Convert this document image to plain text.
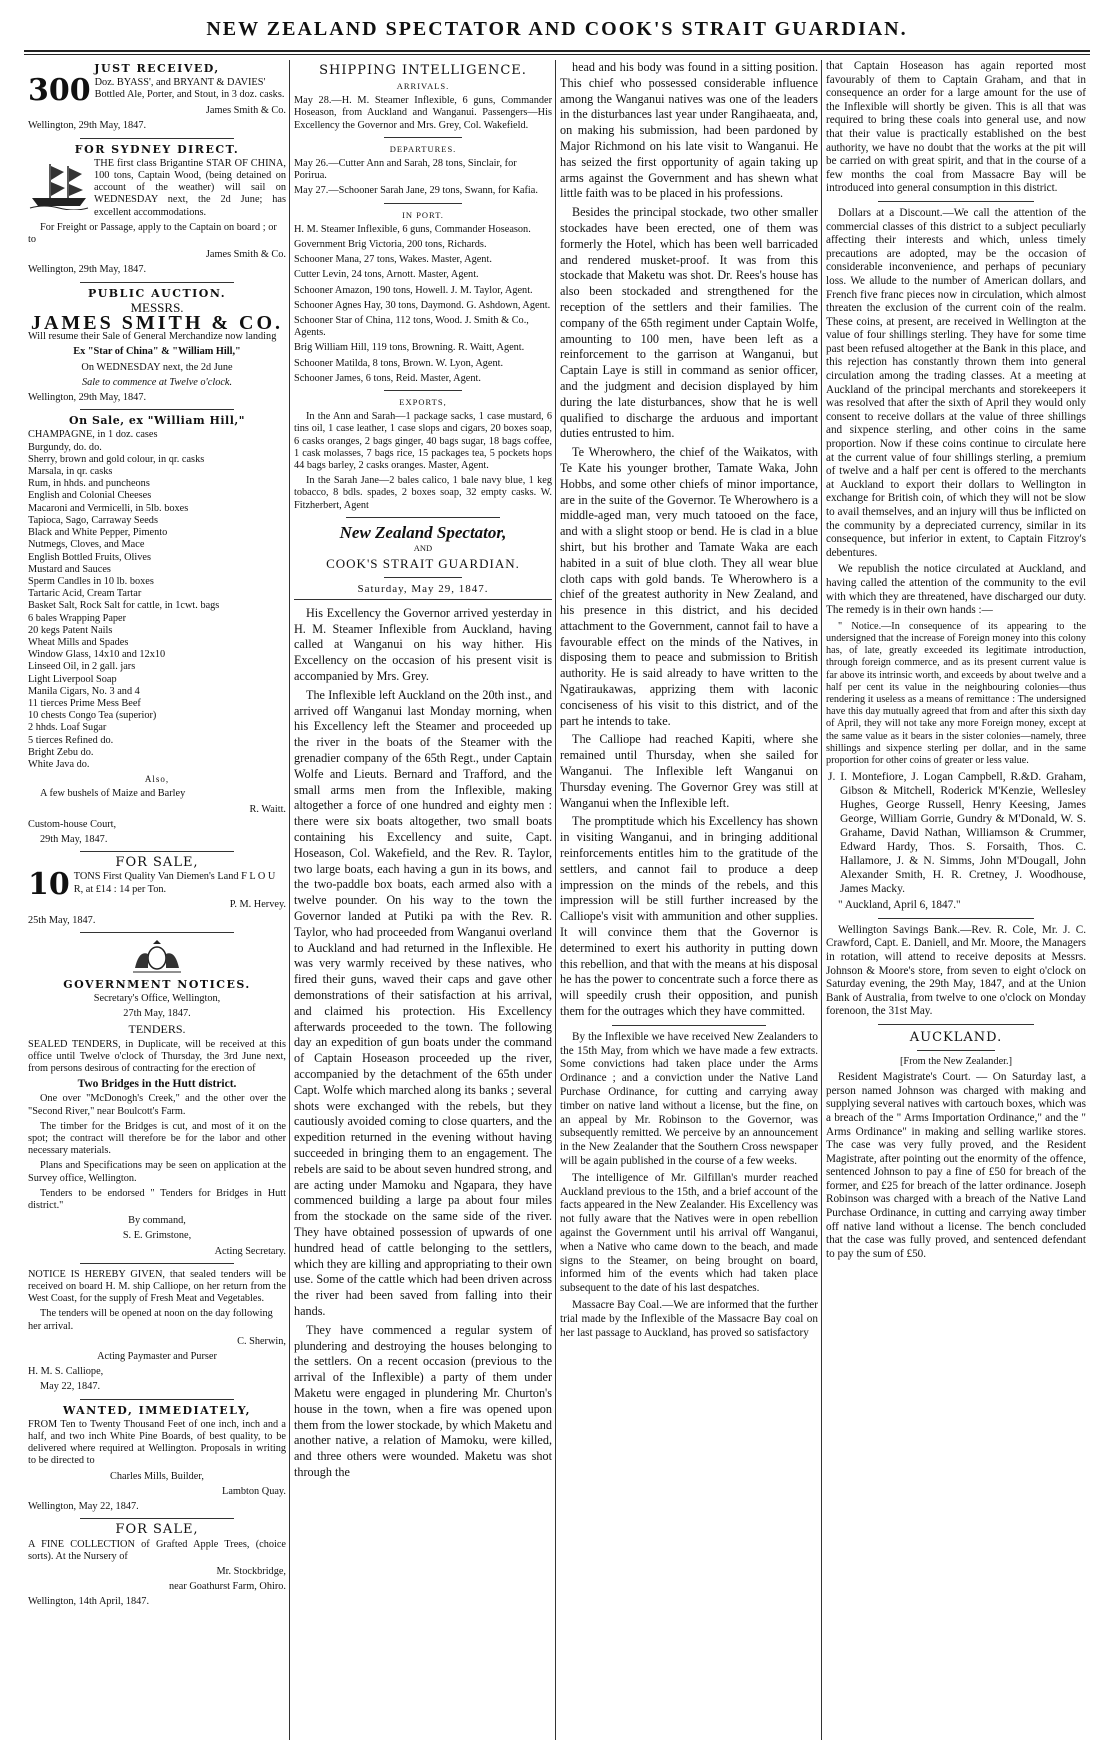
NEW ZEALAND SPECTATOR AND COOK'S STRAIT GUARDIAN.
JUST RECEIVED,

300 Doz. BYASS', and BRYANT & DAVIES' Bottled Ale, Porter, and Stout, in 3 doz. casks.

James Smith & Co.

Wellington, 29th May, 1847.

FOR SYDNEY DIRECT.

THE first class Brigantine STAR OF CHINA, 100 tons, Captain Wood, (being detained on account of the weather) will sail on WEDNESDAY next, the 2d June; has excellent accommodations.

For Freight or Passage, apply to the Captain on board ; or to

James Smith & Co.

Wellington, 29th May, 1847.

PUBLIC AUCTION.

MESSRS.

JAMES SMITH & CO.

Will resume their Sale of General Merchandize now landing

Ex "Star of China" & "William Hill,"

On WEDNESDAY next, the 2d June

Sale to commence at Twelve o'clock.

Wellington, 29th May, 1847.

On Sale, ex "William Hill,"
CHAMPAGNE, in 1 doz. cases
Burgundy, do. do.
Sherry, brown and gold colour, in qr. casks
Marsala, in qr. casks
Rum, in hhds. and puncheons
English and Colonial Cheeses
Macaroni and Vermicelli, in 5lb. boxes
Tapioca, Sago, Carraway Seeds
Black and White Pepper, Pimento
Nutmegs, Cloves, and Mace
English Bottled Fruits, Olives
Mustard and Sauces
Sperm Candles in 10 lb. boxes
Tartaric Acid, Cream Tartar
Basket Salt, Rock Salt for cattle, in 1cwt. bags
6 bales Wrapping Paper
20 kegs Patent Nails
Wheat Mills and Spades
Window Glass, 14x10 and 12x10
Linseed Oil, in 2 gall. jars
Light Liverpool Soap
Manila Cigars, No. 3 and 4
11 tierces Prime Mess Beef
10 chests Congo Tea (superior)
2 hhds. Loaf Sugar
5 tierces Refined do.
Bright Zebu do.
White Java do.

Also,

A few bushels of Maize and Barley

R. Waitt.

Custom-house Court,

29th May, 1847.

FOR SALE,

10 TONS First Quality Van Diemen's Land F L O U R, at £14 : 14 per Ton.

P. M. Hervey.

25th May, 1847.

GOVERNMENT NOTICES.

Secretary's Office, Wellington,

27th May, 1847.

TENDERS.

SEALED TENDERS, in Duplicate, will be received at this office until Twelve o'clock of Thursday, the 3rd June next, from persons desirous of contracting for the erection of

Two Bridges in the Hutt district.

One over "McDonogh's Creek," and the other over the "Second River," near Boulcott's Farm.

The timber for the Bridges is cut, and most of it on the spot; the contract will therefore be for the labor and other necessary materials.

Plans and Specifications may be seen on application at the Survey office, Wellington.

Tenders to be endorsed " Tenders for Bridges in Hutt district."

By command,

S. E. Grimstone,

Acting Secretary.

NOTICE IS HEREBY GIVEN, that sealed tenders will be received on board H. M. ship Calliope, on her return from the West Coast, for the supply of Fresh Meat and Vegetables.

The tenders will be opened at noon on the day following her arrival.

C. Sherwin,

Acting Paymaster and Purser

H. M. S. Calliope,

May 22, 1847.

WANTED, IMMEDIATELY,

FROM Ten to Twenty Thousand Feet of one inch, inch and a half, and two inch White Pine Boards, of best quality, to be delivered where required at Wellington. Proposals in writing to be directed to

Charles Mills, Builder,

Lambton Quay.

Wellington, May 22, 1847.

FOR SALE,

A FINE COLLECTION of Grafted Apple Trees, (choice sorts). At the Nursery of

Mr. Stockbridge,

near Goathurst Farm, Ohiro.

Wellington, 14th April, 1847.

SHIPPING INTELLIGENCE.

ARRIVALS.

May 28.—H. M. Steamer Inflexible, 6 guns, Commander Hoseason, from Auckland and Wanganui. Passengers—His Excellency the Governor and Mrs. Grey, Col. Wakefield.

DEPARTURES.

May 26.—Cutter Ann and Sarah, 28 tons, Sinclair, for Porirua.

May 27.—Schooner Sarah Jane, 29 tons, Swann, for Kafia.

IN PORT.

H. M. Steamer Inflexible, 6 guns, Commander Hoseason.

Government Brig Victoria, 200 tons, Richards.

Schooner Mana, 27 tons, Wakes. Master, Agent.

Cutter Levin, 24 tons, Arnott. Master, Agent.

Schooner Amazon, 190 tons, Howell. J. M. Taylor, Agent.

Schooner Agnes Hay, 30 tons, Daymond. G. Ashdown, Agent.

Schooner Star of China, 112 tons, Wood. J. Smith & Co., Agents.

Brig William Hill, 119 tons, Browning. R. Waitt, Agent.

Schooner Matilda, 8 tons, Brown. W. Lyon, Agent.

Schooner James, 6 tons, Reid. Master, Agent.

EXPORTS,

In the Ann and Sarah—1 package sacks, 1 case mustard, 6 tins oil, 1 case leather, 1 case slops and cigars, 20 boxes soap, 6 casks oranges, 2 bags ginger, 40 bags sugar, 18 bags coffee, 1 cask molasses, 7 bags rice, 15 packages tea, 5 pockets hops 44 bags barley, 2 casks oranges. Master, Agent.

In the Sarah Jane—2 bales calico, 1 bale navy blue, 1 keg tobacco, 8 bdls. spades, 2 boxes soap, 32 empty casks. W. Fitzherbert, Agent

New Zealand Spectator,

AND

COOK'S STRAIT GUARDIAN.
Saturday, May 29, 1847.

His Excellency the Governor arrived yesterday in H. M. Steamer Inflexible from Auckland, having called at Wanganui on his way hither. His Excellency on the occasion of his present visit is accompanied by Mrs. Grey.

The Inflexible left Auckland on the 20th inst., and arrived off Wanganui last Monday morning, when his Excellency left the Steamer and proceeded up the river in the boats of the Steamer with the grenadier company of the 65th Regt., under Captain Wolfe and Lieuts. Bernard and Trafford, and the small arms men from the Inflexible, making altogether a force of one hundred and eighty men : there were six boats altogether, two small boats containing his Excellency and suite, Capt. Hoseason, Col. Wakefield, and the Rev. R. Taylor, two large boats, each having a gun in its bows, and the two-paddle box boats, each armed also with a twelve pounder. On his way to the town the Governor landed at Putiki pa with the Rev. R. Taylor, who had proceeded from Wanganui overland to Auckland and had returned in the Inflexible. He was very warmly received by these natives, who fired their guns, waved their caps and gave other demonstrations of their satisfaction at his arrival, and claimed his protection. His Excellency afterwards proceeded to the town. The following day an expedition of gun boats under the command of Captain Hoseason proceeded up the river, accompanied by the detachment of the 65th under Capt. Wolfe which marched along its banks ; several shots were exchanged with the rebels, but they cautiously avoided coming to close quarters, and the expedition returned in the evening without having succeeded in bringing them to an engagement. The rebels are said to be about seven hundred strong, and are acting under Mamoku and Ngapara, they have commenced building a large pa about four miles from the stockade on the same side of the river. They have obtained possession of upwards of one hundred head of cattle belonging to the settlers, which they are killing and appropriating to their own use. Some of the cattle which had been driven across the river had been saved from falling into their hands.

They have commenced a regular system of plundering and destroying the houses belonging to the settlers. On a recent occasion (previous to the arrival of the Inflexible) a party of them under Maketu were engaged in plundering Mr. Churton's house in the town, when a fire was opened upon them from the lower stockade, by which Maketu and another native, a relation of Mamoku, were killed, and three others were wounded. Maketu was shot through the

head and his body was found in a sitting position. This chief who possessed considerable influence among the Wanganui natives was one of the leaders in the disturbances last year under Rangihaeata, and, on making his submission, had been pardoned by Major Richmond on his late visit to Wanganui. He has seized the first opportunity of again taking up arms against the Government and has shewn what little faith was to be placed in his professions.

Besides the principal stockade, two other smaller stockades have been erected, one of them was formerly the Hotel, which has been well barricaded and rendered musket-proof. It was from this stockade that Maketu was shot. Dr. Rees's house has also been stockaded and strengthened for the reception of the settlers and their families. The company of the 65th regiment under Captain Wolfe, amounting to 100 men, have been left as a reinforcement to the garrison at Wanganui, but Captain Laye is still in command as senior officer, and the judgment and decision displayed by him during the late disturbances, show that he is well qualified to discharge the arduous and important duties entrusted to him.

Te Wherowhero, the chief of the Waikatos, with Te Kate his younger brother, Tamate Waka, John Hobbs, and some other chiefs of minor importance, are in the suite of the Governor. Te Wherowhero is a middle-aged man, very much tatooed on the face, and with a slight stoop or bend. He is clad in a blue shirt, but his brother and Tamate Waka are each habited in a suit of blue cloth. They all wear blue cloth caps with gold bands. Te Wherowhero is a chief of the greatest authority in New Zealand, and his presence in this district, and his decided attachment to the Government, cannot fail to have a favourable effect on the minds of the Natives, in disposing them to peace and submission to British authority. He is said already to have written to the Ngatiraukawas, apprizing them with laconic conciseness of his visit to this district, and of the part he intends to take.

The Calliope had reached Kapiti, where she remained until Thursday, when she sailed for Wanganui. The Inflexible left Wanganui on Thursday evening. The Governor Grey was still at Wanganui when the Inflexible left.

The promptitude which his Excellency has shown in visiting Wanganui, and in bringing additional reinforcements entitles him to the gratitude of the settlers, and cannot fail to produce a deep impression on the minds of the rebels, and this impression will be still further increased by the Calliope's visit with ammunition and other supplies. It will convince them that the Governor is determined to exert his authority in putting down this rebellion, and that with the means at his disposal he has the power to concentrate such a force there as will speedily crush their opposition, and punish them for the outrages which they have committed.

By the Inflexible we have received New Zealanders to the 15th May, from which we have made a few extracts. Some convictions had taken place under the Arms Ordinance ; and a conviction under the Native Land Purchase Ordinance, for cutting and carrying away timber on native land without a license, but the fine, on an appeal by Mr. Robinson to the Governor, was subsequently remitted. We perceive by an announcement in the New Zealander that the Southern Cross newspaper will be again published in the course of a few weeks.

The intelligence of Mr. Gilfillan's murder reached Auckland previous to the 15th, and a brief account of the facts appeared in the New Zealander. His Excellency was not fully aware that the Natives were in open rebellion against the Government until his arrival off Wanganui, when a Native who came down to the beach, and made signs to the Steamer, on being brought on board, informed him of the events which had taken place subsequent to the date of his last despatches.

Massacre Bay Coal.—We are informed that the further trial made by the Inflexible of the Massacre Bay coal on her last passage to Auckland, has proved so satisfactory

that Captain Hoseason has again reported most favourably of them to Captain Graham, and that in consequence an order for a large amount for the use of the Inflexible will shortly be given. This is all that was required to bring these coals into general use, and now that their value is practically established on the best authority, we have no doubt that the works at the pit will be carried on with great spirit, and that in the course of a few months the coal from Massacre Bay will be introduced into general consumption in this district.

Dollars at a Discount.—We call the attention of the commercial classes of this district to a subject peculiarly affecting their interests and which, unless timely precautions are adopted, may be the occasion of considerable inconvenience, and perhaps of pecuniary loss. We allude to the number of American dollars, and French five franc pieces now in circulation, which almost threaten the exclusion of the current coin of the realm. These coins, at present, are received in Wellington at the value of four shillings sterling. They have for some time past been refused altogether at the Bank in this place, and this rejection has constantly thrown them into general circulation among the trading classes. At a meeting at Auckland of the principal merchants and storekeepers it was resolved that after the sixth of April they would only consent to receive dollars at the value of three shillings and sixpence sterling, and other coins in the same proportion. Now if these coins continue to circulate here at the current value of four shillings sterling, a premium of twelve and a half per cent is offered to the merchants at Auckland to export their dollars to Wellington in exchange for British coin, of which they will not be slow to avail themselves, and an injury will thus be inflicted on the community by a depreciated currency, similar in its consequence, but inferior in extent, to Captain Fitzroy's debentures.

We republish the notice circulated at Auckland, and having called the attention of the community to the evil with which they are threatened, have discharged our duty. The remedy is in their own hands :—

" Notice.—In consequence of its appearing to the undersigned that the increase of Foreign money into this colony has, of late, greatly exceeded its legitimate introduction, through foreign commerce, and as its present current value is far above its intrinsic worth, and exceeds by about twelve and a half per cent its value in the neighbouring colonies—thus rendering it useless as a means of remittance : The undersigned have this day mutually agreed that from and after this sixth day of April, they will not take any more Foreign money, except at the same value as it bears in the sister colonies—namely, three shillings and sixpence sterling per dollar, and in the same proportion for other coins of greater or less value.

J. I. Montefiore, J. Logan Campbell, R.&D. Graham, Gibson & Mitchell, Roderick M'Kenzie, Wellesley Hughes, George Russell, Henry Keesing, James George, William Gorrie, Gundry & M'Donald, W. S. Grahame, David Nathan, Williamson & Crummer, Edward Hardy, Thos. S. Forsaith, Thos. C. Hallamore, J. & N. Simms, John M'Dougall, John Alexander Smith, H. R. Cretney, J. Woodhouse, James Macky.

" Auckland, April 6, 1847."

Wellington Savings Bank.—Rev. R. Cole, Mr. J. C. Crawford, Capt. E. Daniell, and Mr. Moore, the Managers in rotation, will attend to receive deposits at Messrs. Johnson & Moore's store, from seven to eight o'clock on Saturday evening, the 29th May, 1847, and at the Union Bank of Australia, from twelve to one o'clock on Monday forenoon, the 31st May.

AUCKLAND.

[From the New Zealander.]

Resident Magistrate's Court. — On Saturday last, a person named Johnson was charged with making and supplying several natives with cartouch boxes, which was a breach of the " Arms Importation Ordinance," and the " Arms Ordinance" in making and selling warlike stores. The case was very fully proved, and the Resident Magistrate, after pointing out the enormity of the offence, sentenced Johnson to pay a fine of £50 for breach of the former, and £25 for breach of the latter ordinance. Joseph Robinson was charged with a breach of the Native Land Purchase Ordinance, in cutting and carrying away timber off native land without a license. The bench concluded that the case was fully proved, and sentenced defendant to pay the sum of £50.
